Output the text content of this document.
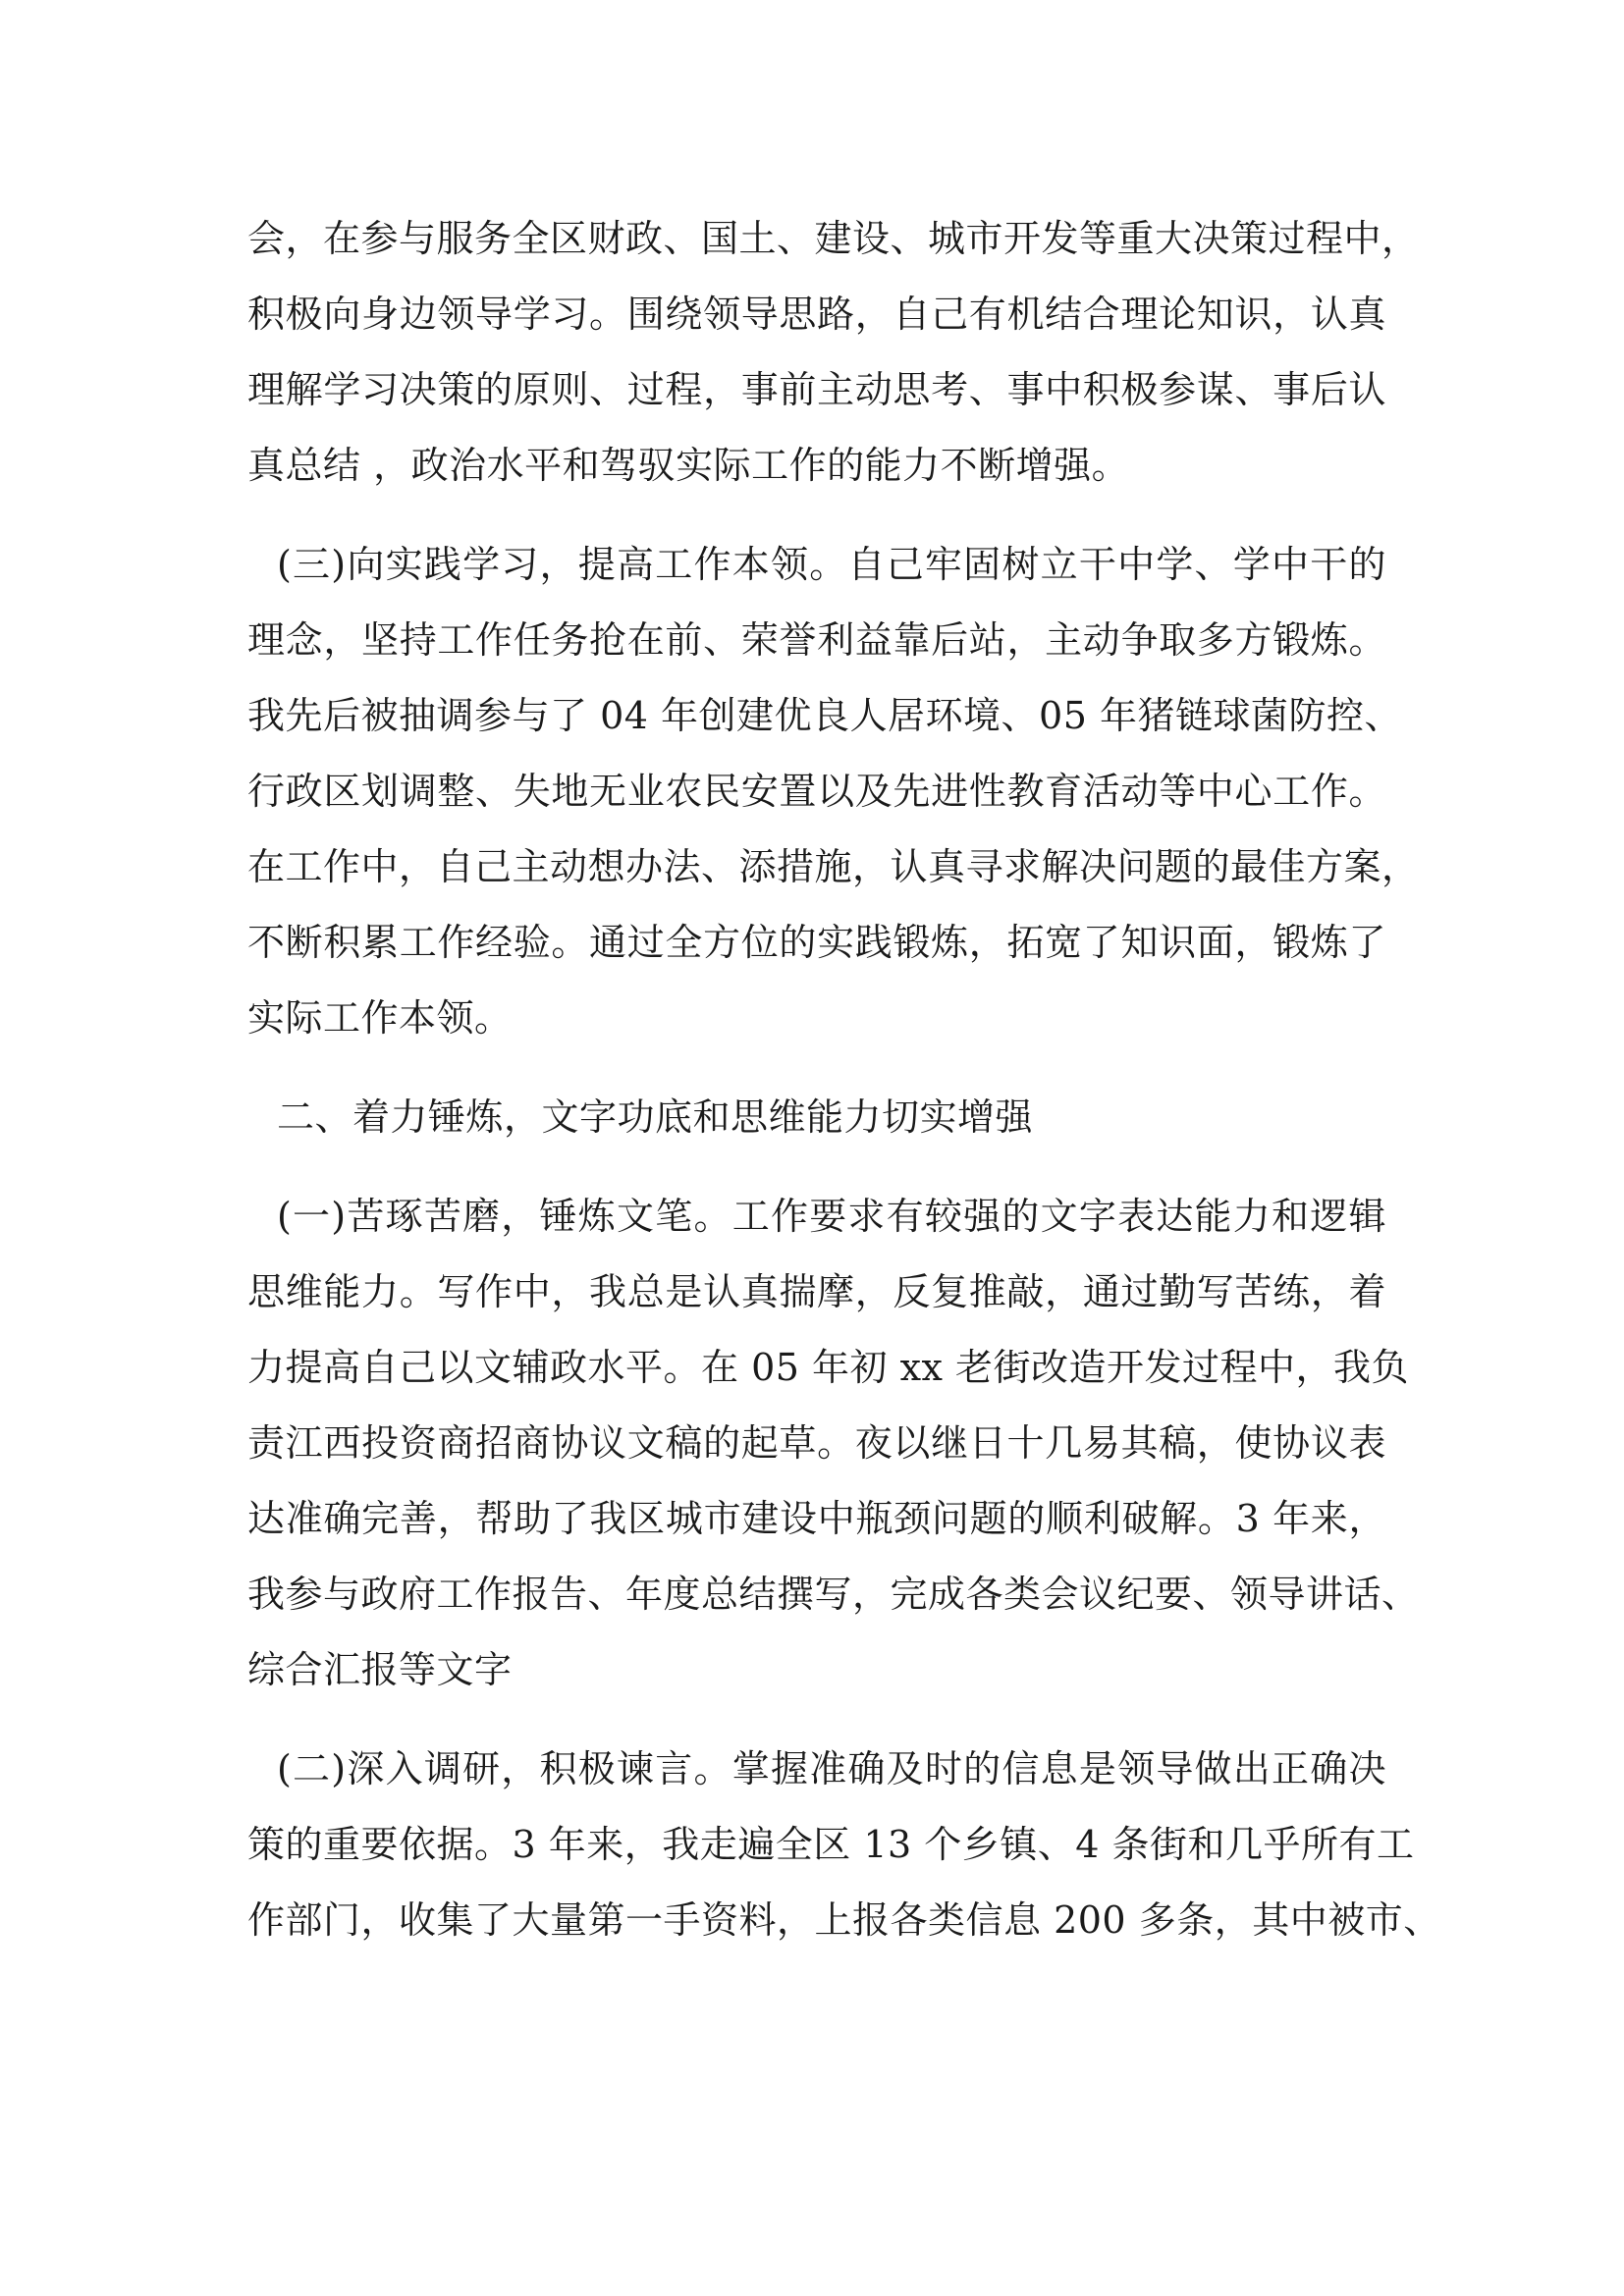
会，在参与服务全区财政、国土、建设、城市开发等重大决策过程中，
积极向身边领导学习。围绕领导思路，自己有机结合理论知识，认真
理解学习决策的原则、过程，事前主动思考、事中积极参谋、事后认
真总结 ，政治水平和驾驭实际工作的能力不断增强。
(三)向实践学习，提高工作本领。自己牢固树立干中学、学中干的
理念，坚持工作任务抢在前、荣誉利益靠后站，主动争取多方锻炼。
我先后被抽调参与了 04 年创建优良人居环境、05 年猪链球菌防控、
行政区划调整、失地无业农民安置以及先进性教育活动等中心工作。
在工作中，自己主动想办法、添措施，认真寻求解决问题的最佳方案，
不断积累工作经验。通过全方位的实践锻炼，拓宽了知识面，锻炼了
实际工作本领。
二、着力锤炼，文字功底和思维能力切实增强
(一)苦琢苦磨，锤炼文笔。工作要求有较强的文字表达能力和逻辑
思维能力。写作中，我总是认真揣摩，反复推敲，通过勤写苦练，着
力提高自己以文辅政水平。在 05 年初 xx 老街改造开发过程中，我负
责江西投资商招商协议文稿的起草。夜以继日十几易其稿，使协议表
达准确完善，帮助了我区城市建设中瓶颈问题的顺利破解。3 年来，
我参与政府工作报告、年度总结撰写，完成各类会议纪要、领导讲话、
综合汇报等文字
(二)深入调研，积极谏言。掌握准确及时的信息是领导做出正确决
策的重要依据。3 年来，我走遍全区 13 个乡镇、4 条街和几乎所有工
作部门，收集了大量第一手资料，上报各类信息 200 多条，其中被市、
